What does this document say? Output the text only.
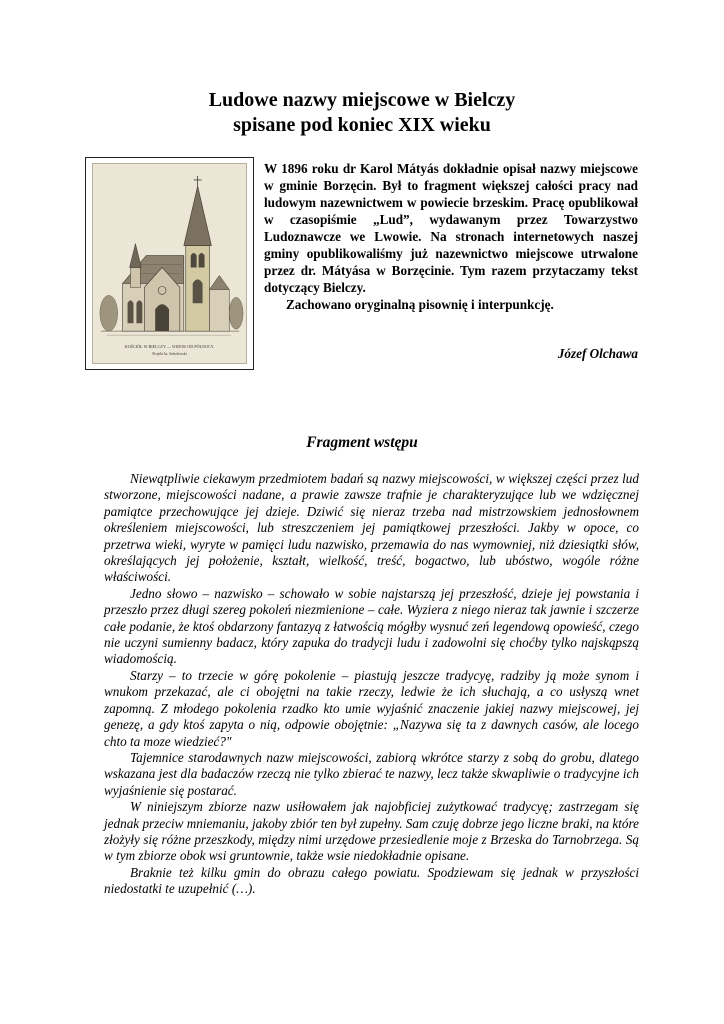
Ludowe nazwy miejscowe w Bielczy
spisane pod koniec XIX wieku
KOŚCIÓŁ W BIELCZY — WIDOK OD PÓŁNOCY.
Projekt ks. Sobolewski

W 1896 roku dr Karol Mátyás dokładnie opisał nazwy miejscowe w gminie Borzęcin. Był to fragment większej całości pracy nad ludowym nazewnictwem w powiecie brzeskim. Pracę opublikował w czasopiśmie „Lud”, wydawanym przez Towarzystwo Ludoznawcze we Lwowie. Na stronach internetowych naszej gminy opublikowaliśmy już nazewnictwo miejscowe utrwalone przez dr. Mátyása w Borzęcinie. Tym razem przytaczamy tekst dotyczący Bielczy.

Zachowano oryginalną pisownię i interpunkcję.

Józef Olchawa
Fragment wstępu

Niewątpliwie ciekawym przedmiotem badań są nazwy miejscowości, w większej części przez lud stworzone, miejscowości nadane, a prawie zawsze trafnie je charakteryzujące lub we wdzięcznej pamiątce przechowujące jej dzieje. Dziwić się nieraz trzeba nad mistrzowskiem jednosłownem określeniem miejscowości, lub streszczeniem jej pamiątkowej przeszłości. Jakby w opoce, co przetrwa wieki, wyryte w pamięci ludu nazwisko, przemawia do nas wymowniej, niż dziesiątki słów, określających jej położenie, kształt, wielkość, treść, bogactwo, lub ubóstwo, wogóle różne właściwości.

Jedno słowo – nazwisko – schowało w sobie najstarszą jej przeszłość, dzieje jej powstania i przeszło przez długi szereg pokoleń niezmienione – całe. Wyziera z niego nieraz tak jawnie i szczerze całe podanie, że ktoś obdarzony fantazyą z łatwością mógłby wysnuć zeń legendową opowieść, czego nie uczyni sumienny badacz, który zapuka do tradycji ludu i zadowolni się choćby tylko najskąpszą wiadomością.

Starzy – to trzecie w górę pokolenie – piastują jeszcze tradycyę, radziby ją może synom i wnukom przekazać, ale ci obojętni na takie rzeczy, ledwie że ich słuchają, a co usłyszą wnet zapomną. Z młodego pokolenia rzadko kto umie wyjaśnić znaczenie jakiej nazwy miejscowej, jej genezę, a gdy ktoś zapyta o nią, odpowie obojętnie: „Nazywa się ta z dawnych casów, ale locego chto ta moze wiedzieć?"

Tajemnice starodawnych nazw miejscowości, zabiorą wkrótce starzy z sobą do grobu, dlatego wskazana jest dla badaczów rzeczą nie tylko zbierać te nazwy, lecz także skwapliwie o tradycyjne ich wyjaśnienie się postarać.

W niniejszym zbiorze nazw usiłowałem jak najobficiej zużytkować tradycyę; zastrzegam się jednak przeciw mniemaniu, jakoby zbiór ten był zupełny. Sam czuję dobrze jego liczne braki, na które złożyły się różne przeszkody, między nimi urzędowe przesiedlenie moje z Brzeska do Tarnobrzega. Są w tym zbiorze obok wsi gruntownie, także wsie niedokładnie opisane.

Braknie też kilku gmin do obrazu całego powiatu. Spodziewam się jednak w przyszłości niedostatki te uzupełnić (…).
